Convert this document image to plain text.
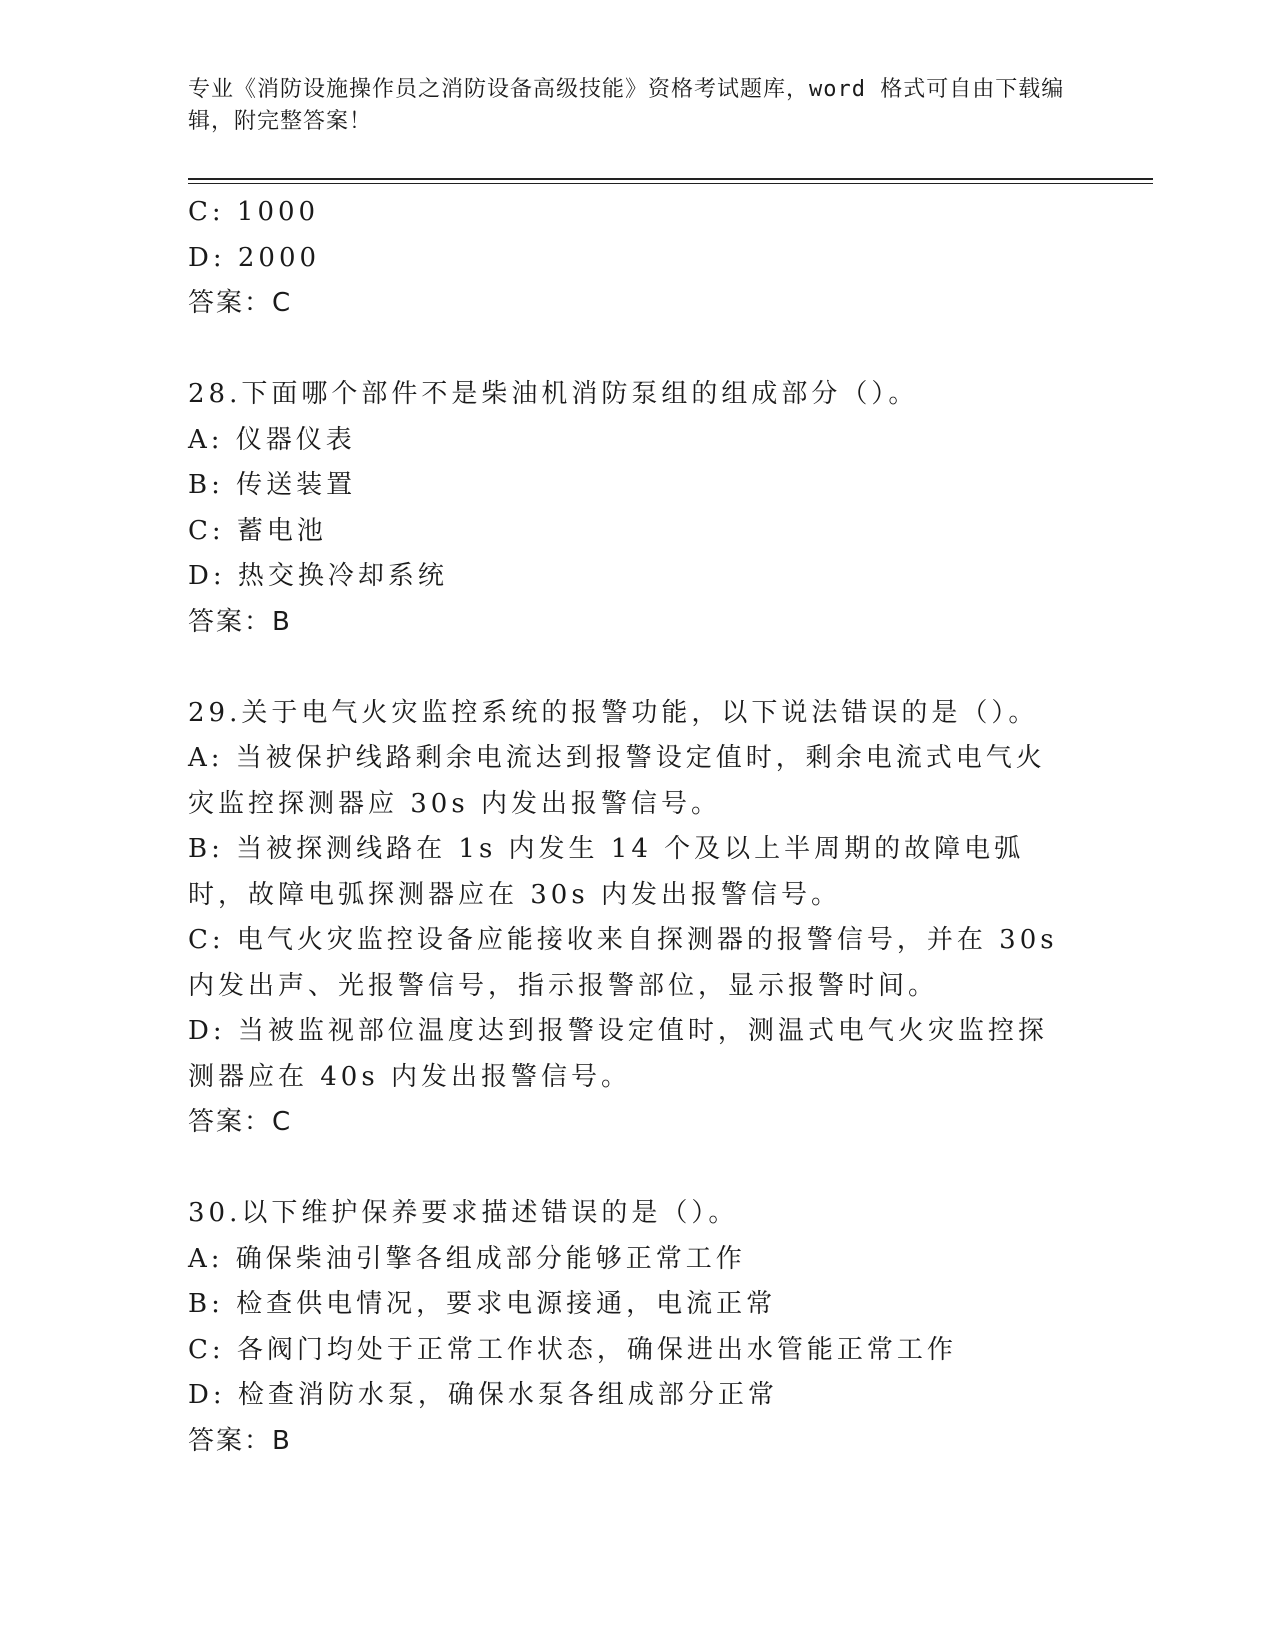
专业《消防设施操作员之消防设备高级技能》资格考试题库，word 格式可自由下载编辑，附完整答案！
C: 1000
D: 2000
答案：C
28.下面哪个部件不是柴油机消防泵组的组成部分（）。
A: 仪器仪表
B: 传送装置
C: 蓄电池
D: 热交换冷却系统
答案：B
29.关于电气火灾监控系统的报警功能，以下说法错误的是（）。
A: 当被保护线路剩余电流达到报警设定值时，剩余电流式电气火灾监控探测器应 30s 内发出报警信号。
B: 当被探测线路在 1s 内发生 14 个及以上半周期的故障电弧时，故障电弧探测器应在 30s 内发出报警信号。
C: 电气火灾监控设备应能接收来自探测器的报警信号，并在 30s 内发出声、光报警信号，指示报警部位，显示报警时间。
D: 当被监视部位温度达到报警设定值时，测温式电气火灾监控探测器应在 40s 内发出报警信号。
答案：C
30.以下维护保养要求描述错误的是（）。
A: 确保柴油引擎各组成部分能够正常工作
B: 检查供电情况，要求电源接通，电流正常
C: 各阀门均处于正常工作状态，确保进出水管能正常工作
D: 检查消防水泵，确保水泵各组成部分正常
答案：B
